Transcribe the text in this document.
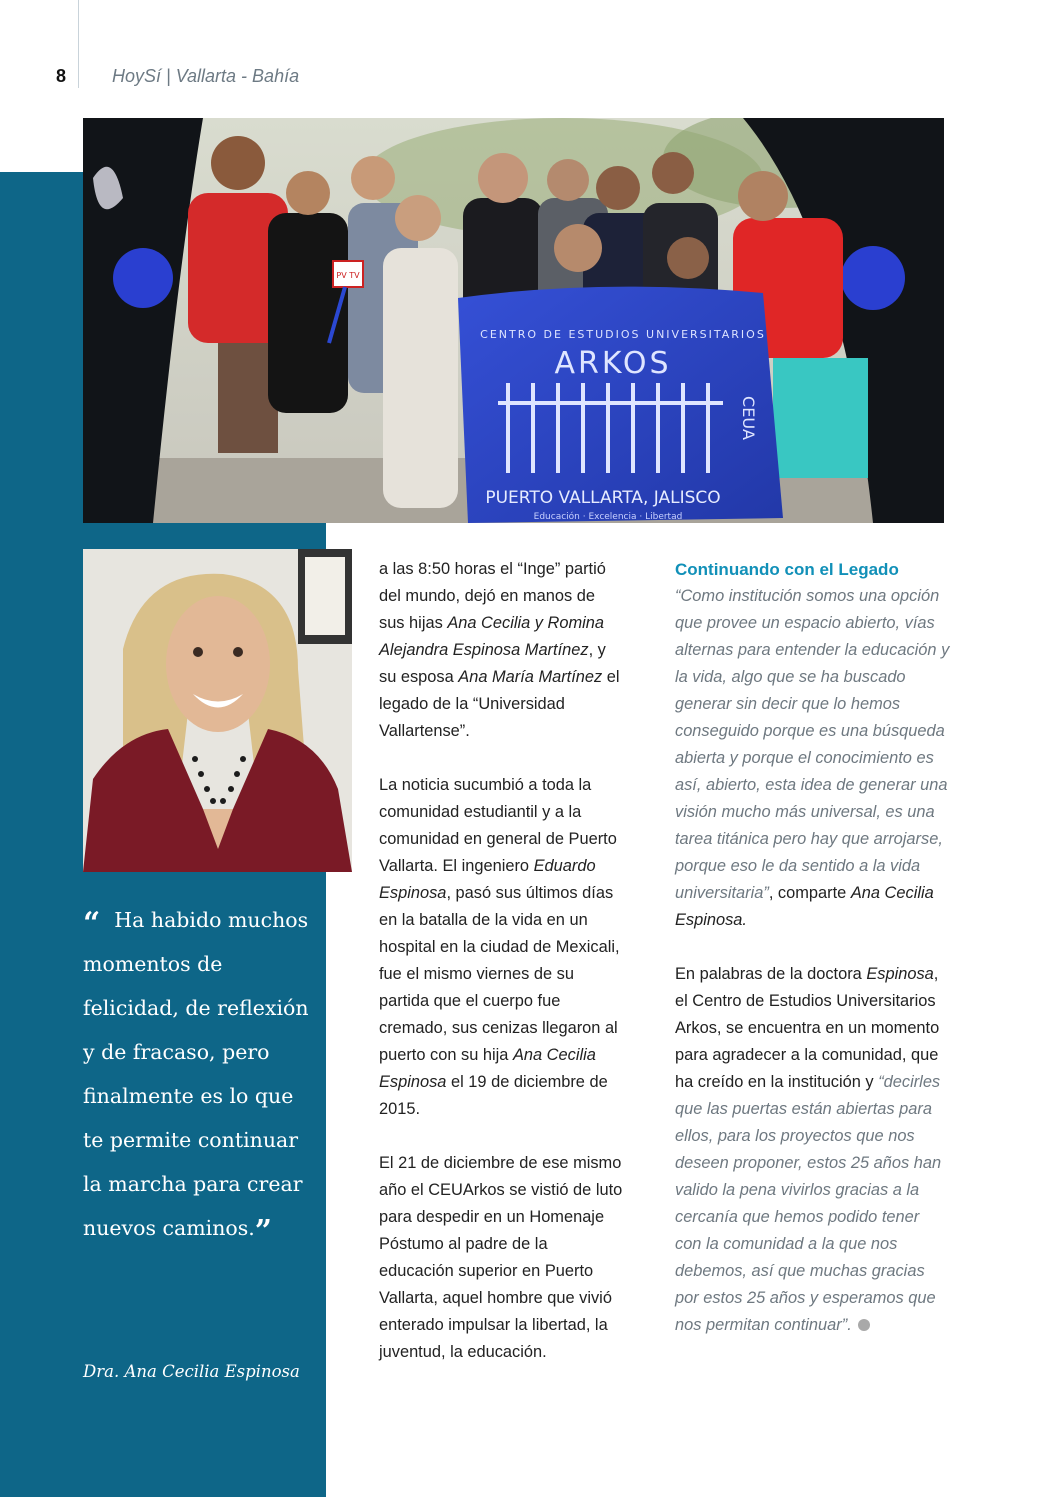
8	HoySí | Vallarta - Bahía
PV TV
CENTRO DE ESTUDIOS UNIVERSITARIOS
ARKOS
CEUA
PUERTO VALLARTA, JALISCO
Educación · Excelencia · Libertad
“ Ha habido muchos momentos de felicidad, de reflexión y de fracaso, pero finalmente es lo que te permite continuar la marcha para crear nuevos caminos.”
Dra. Ana Cecilia Espinosa

a las 8:50 horas el “Inge” partió del mundo, dejó en manos de sus hijas Ana Cecilia y Romina Alejandra Espinosa Martínez, y su esposa Ana María Martínez el legado de la “Universidad Vallartense”.

La noticia sucumbió a toda la comunidad estudiantil y a la comunidad en general de Puerto Vallarta. El ingeniero Eduardo Espinosa, pasó sus últimos días en la batalla de la vida en un hospital en la ciudad de Mexicali, fue el mismo viernes de su partida que el cuerpo fue cremado, sus cenizas llegaron al puerto con su hija Ana Cecilia Espinosa el 19 de diciembre de 2015.

El 21 de diciembre de ese mismo año el CEUArkos se vistió de luto para despedir en un Homenaje Póstumo al padre de la educación superior en Puerto Vallarta, aquel hombre que vivió enterado impulsar la libertad, la juventud, la educación.

Continuando con el Legado

“Como institución somos una opción que provee un espacio abierto, vías alternas para entender la educación y la vida, algo que se ha buscado generar sin decir que lo hemos conseguido porque es una búsqueda abierta y porque el conocimiento es así, abierto, esta idea de generar una visión mucho más universal, es una tarea titánica pero hay que arrojarse, porque eso le da sentido a la vida universitaria”, comparte Ana Cecilia Espinosa.

En palabras de la doctora Espinosa, el Centro de Estudios Universitarios Arkos, se encuentra en un momento para agradecer a la comunidad, que ha creído en la institución y “decirles que las puertas están abiertas para ellos, para los proyectos que nos deseen proponer, estos 25 años han valido la pena vivirlos gracias a la cercanía que hemos podido tener con la comunidad a la que nos debemos, así que muchas gracias por estos 25 años y esperamos que nos permitan continuar”.
